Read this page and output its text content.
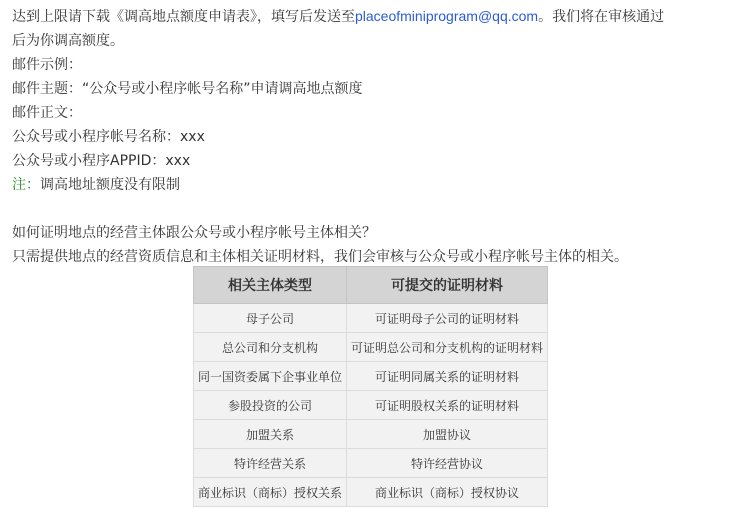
达到上限请下载《调高地点额度申请表》，填写后发送至placeofminiprogram@qq.com。我们将在审核通过
后为你调高额度。
邮件示例：
邮件主题：“公众号或小程序帐号名称”申请调高地点额度
邮件正文：
公众号或小程序帐号名称：xxx
公众号或小程序APPID：xxx
注：调高地址额度没有限制
如何证明地点的经营主体跟公众号或小程序帐号主体相关？
只需提供地点的经营资质信息和主体相关证明材料，我们会审核与公众号或小程序帐号主体的相关。
相关主体类型	可提交的证明材料
母子公司	可证明母子公司的证明材料
总公司和分支机构	可证明总公司和分支机构的证明材料
同一国资委属下企事业单位	可证明同属关系的证明材料
参股投资的公司	可证明股权关系的证明材料
加盟关系	加盟协议
特许经营关系	特许经营协议
商业标识（商标）授权关系	商业标识（商标）授权协议
